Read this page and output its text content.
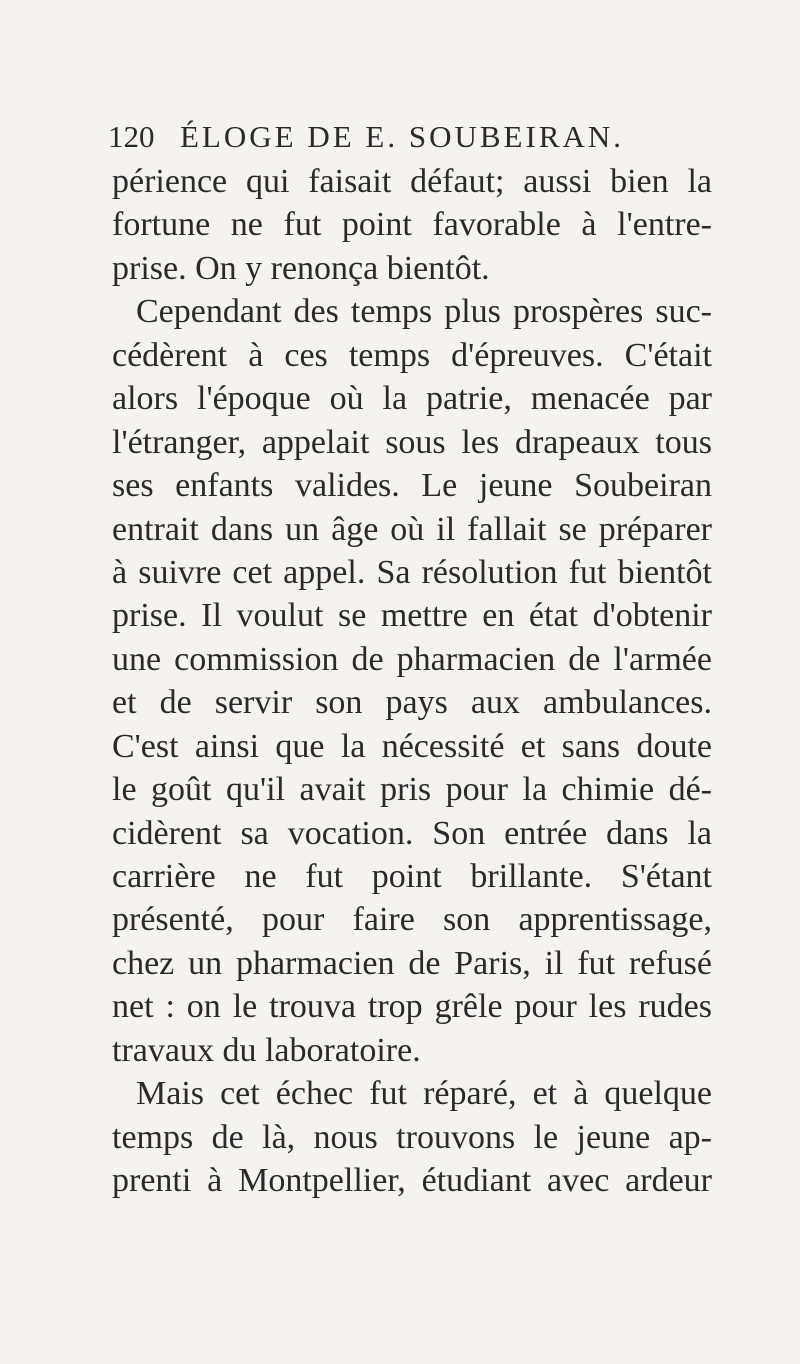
120 ÉLOGE DE E. SOUBEIRAN.
périence qui faisait défaut; aussi bien la
fortune ne fut point favorable à l'entre-
prise. On y renonça bientôt.
Cependant des temps plus prospères suc-
cédèrent à ces temps d'épreuves. C'était
alors l'époque où la patrie, menacée par
l'étranger, appelait sous les drapeaux tous
ses enfants valides. Le jeune Soubeiran
entrait dans un âge où il fallait se préparer
à suivre cet appel. Sa résolution fut bientôt
prise. Il voulut se mettre en état d'obtenir
une commission de pharmacien de l'armée
et de servir son pays aux ambulances.
C'est ainsi que la nécessité et sans doute
le goût qu'il avait pris pour la chimie dé-
cidèrent sa vocation. Son entrée dans la
carrière ne fut point brillante. S'étant
présenté, pour faire son apprentissage,
chez un pharmacien de Paris, il fut refusé
net : on le trouva trop grêle pour les rudes
travaux du laboratoire.
Mais cet échec fut réparé, et à quelque
temps de là, nous trouvons le jeune ap-
prenti à Montpellier, étudiant avec ardeur
